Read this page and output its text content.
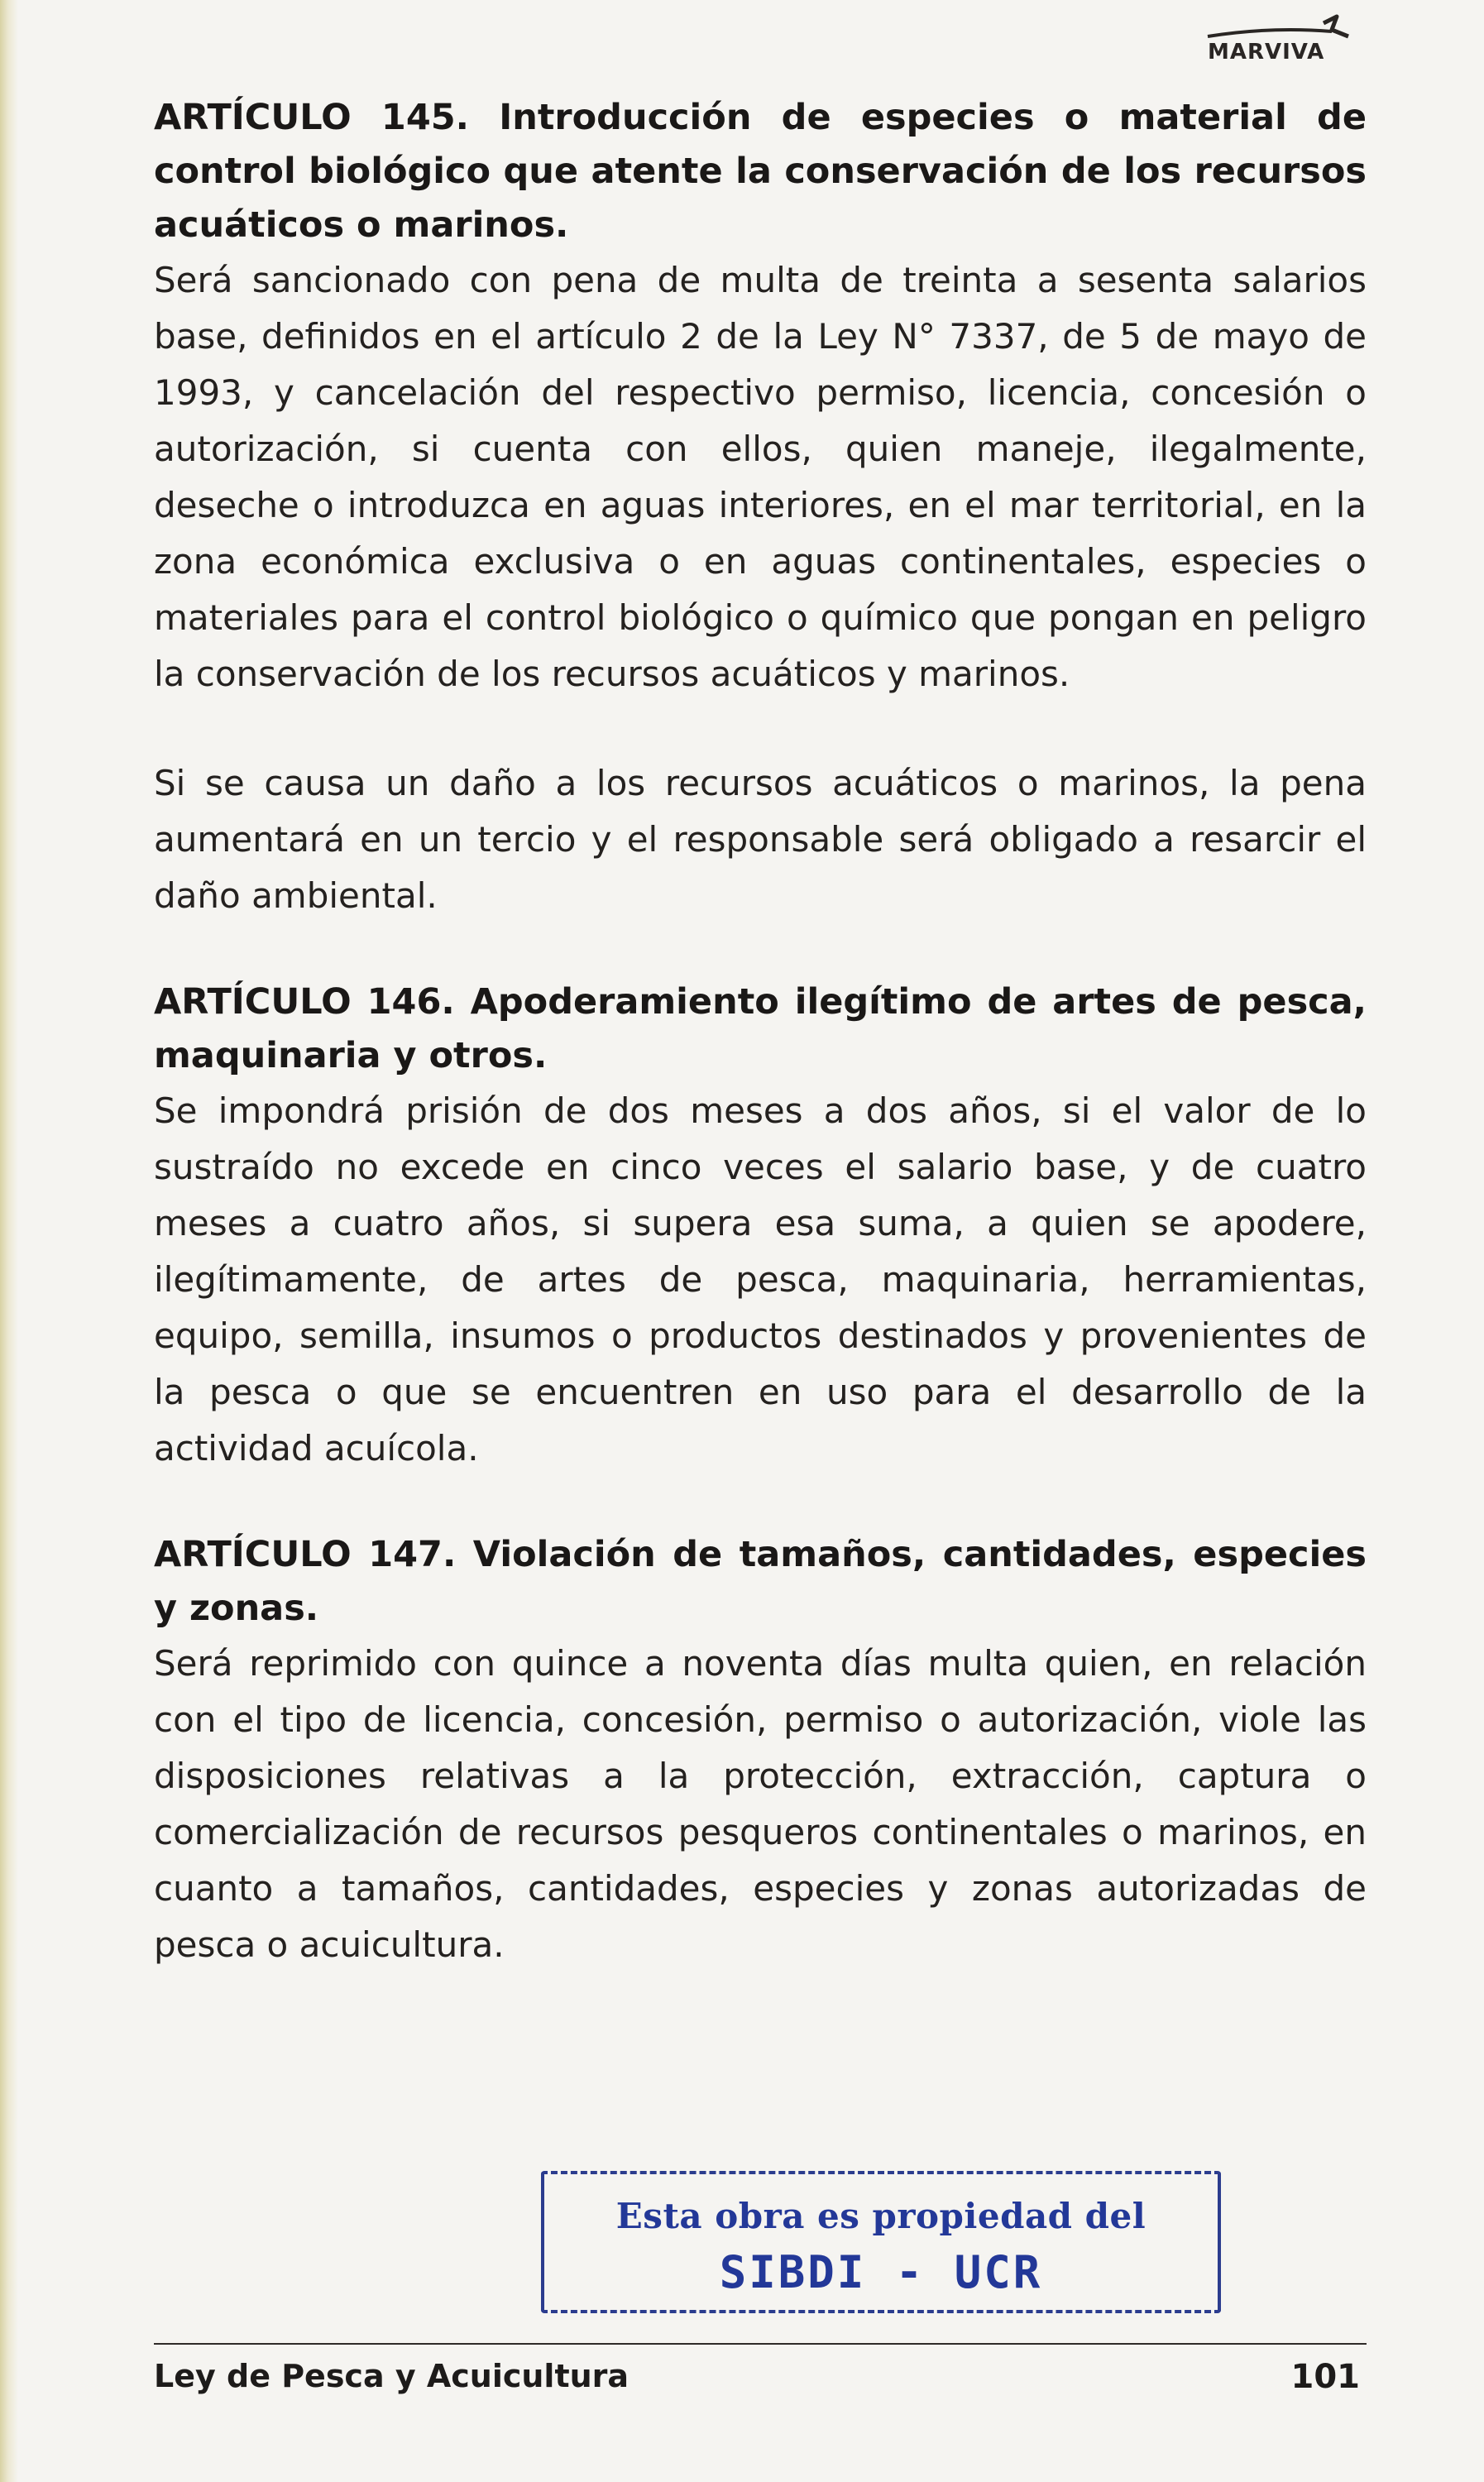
MARVIVA
ARTÍCULO 145. Introducción de especies o material de control biológico que atente la conservación de los recursos acuáticos o marinos.

Será sancionado con pena de multa de treinta a sesenta salarios base, definidos en el artículo 2 de la Ley N° 7337, de 5 de mayo de 1993, y cancelación del respectivo permiso, licencia, concesión o autorización, si cuenta con ellos, quien maneje, ilegalmente, deseche o introduzca en aguas interiores, en el mar territorial, en la zona económica exclusiva o en aguas continentales, especies o materiales para el control biológico o químico que pongan en peligro la conservación de los recursos acuáticos y marinos.

Si se causa un daño a los recursos acuáticos o marinos, la pena aumentará en un tercio y el responsable será obligado a resarcir el daño ambiental.

ARTÍCULO 146. Apoderamiento ilegítimo de artes de pesca, maquinaria y otros.

Se impondrá prisión de dos meses a dos años, si el valor de lo sustraído no excede en cinco veces el salario base, y de cuatro meses a cuatro años, si supera esa suma, a quien se apodere, ilegítimamente, de artes de pesca, maquinaria, herramientas, equipo, semilla, insumos o productos destinados y provenientes de la pesca o que se encuentren en uso para el desarrollo de la actividad acuícola.

ARTÍCULO 147. Violación de tamaños, cantidades, especies y zonas.

Será reprimido con quince a noventa días multa quien, en relación con el tipo de licencia, concesión, permiso o autorización, viole las disposiciones relativas a la protección, extracción, captura o comercialización de recursos pesqueros continentales o marinos, en cuanto a tamaños, cantidades, especies y zonas autorizadas de pesca o acuicultura.

Esta obra es propiedad del
SIBDI - UCR
Ley de Pesca y Acuicultura	101
